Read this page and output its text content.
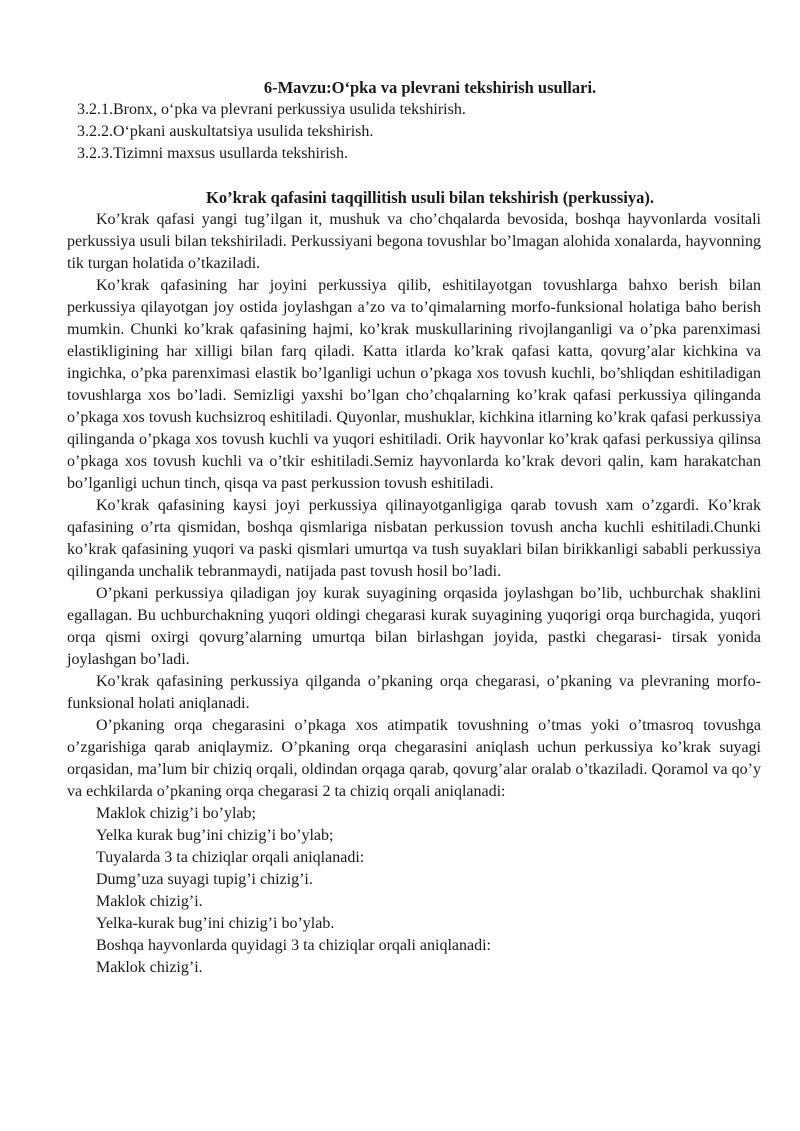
6-Mavzu:O‘pka va plevrani tekshirish usullari.
3.2.1.Bronx, o‘pka va plevrani perkussiya usulida tekshirish.
3.2.2.O‘pkani auskultatsiya usulida tekshirish.
3.2.3.Tizimni maxsus usullarda tekshirish.
Ko’krak qafasini taqqillitish usuli bilan tekshirish (perkussiya).

Ko’krak qafasi yangi tug’ilgan it, mushuk va cho’chqalarda bevosida, boshqa hayvonlarda vositali perkussiya usuli bilan tekshiriladi. Perkussiyani begona tovushlar bo’lmagan alohida xonalarda, hayvonning tik turgan holatida o’tkaziladi.

Ko’krak qafasining har joyini perkussiya qilib, eshitilayotgan tovushlarga bahxo berish bilan perkussiya qilayotgan joy ostida joylashgan a’zo va to’qimalarning morfo-funksional holatiga baho berish mumkin. Chunki ko’krak qafasining hajmi, ko’krak muskullarining rivojlanganligi va o’pka parenximasi elastikligining har xilligi bilan farq qiladi. Katta itlarda ko’krak qafasi katta, qovurg’alar kichkina va ingichka, o’pka parenximasi elastik bo’lganligi uchun o’pkaga xos tovush kuchli, bo’shliqdan eshitiladigan tovushlarga xos bo’ladi. Semizligi yaxshi bo’lgan cho’chqalarning ko’krak qafasi perkussiya qilinganda o’pkaga xos tovush kuchsizroq eshitiladi. Quyonlar, mushuklar, kichkina itlarning ko’krak qafasi perkussiya qilinganda o’pkaga xos tovush kuchli va yuqori eshitiladi. Orik hayvonlar ko’krak qafasi perkussiya qilinsa o’pkaga xos tovush kuchli va o’tkir eshitiladi.Semiz hayvonlarda ko’krak devori qalin, kam harakatchan bo’lganligi uchun tinch, qisqa va past perkussion tovush eshitiladi.

Ko’krak qafasining kaysi joyi perkussiya qilinayotganligiga qarab tovush xam o’zgardi. Ko’krak qafasining o’rta qismidan, boshqa qismlariga nisbatan perkussion tovush ancha kuchli eshitiladi.Chunki ko’krak qafasining yuqori va paski qismlari umurtqa va tush suyaklari bilan birikkanligi sababli perkussiya qilinganda unchalik tebranmaydi, natijada past tovush hosil bo’ladi.

O’pkani perkussiya qiladigan joy kurak suyagining orqasida joylashgan bo’lib, uchburchak shaklini egallagan. Bu uchburchakning yuqori oldingi chegarasi kurak suyagining yuqorigi orqa burchagida, yuqori orqa qismi oxirgi qovurg’alarning umurtqa bilan birlashgan joyida, pastki chegarasi- tirsak yonida joylashgan bo’ladi.

Ko’krak qafasining perkussiya qilganda o’pkaning orqa chegarasi, o’pkaning va plevraning morfo-funksional holati aniqlanadi.

O’pkaning orqa chegarasini o’pkaga xos atimpatik tovushning o’tmas yoki o’tmasroq tovushga o’zgarishiga qarab aniqlaymiz. O’pkaning orqa chegarasini aniqlash uchun perkussiya ko’krak suyagi orqasidan, ma’lum bir chiziq orqali, oldindan orqaga qarab, qovurg’alar oralab o’tkaziladi. Qoramol va qo’y va echkilarda o’pkaning orqa chegarasi 2 ta chiziq orqali aniqlanadi:

Maklok chizig’i bo’ylab;
Yelka kurak bug’ini chizig’i bo’ylab;
Tuyalarda 3 ta chiziqlar orqali aniqlanadi:
Dumg’uza suyagi tupig’i chizig’i.
Maklok chizig’i.
Yelka-kurak bug’ini chizig’i bo’ylab.
Boshqa hayvonlarda quyidagi 3 ta chiziqlar orqali aniqlanadi:
Maklok chizig’i.
